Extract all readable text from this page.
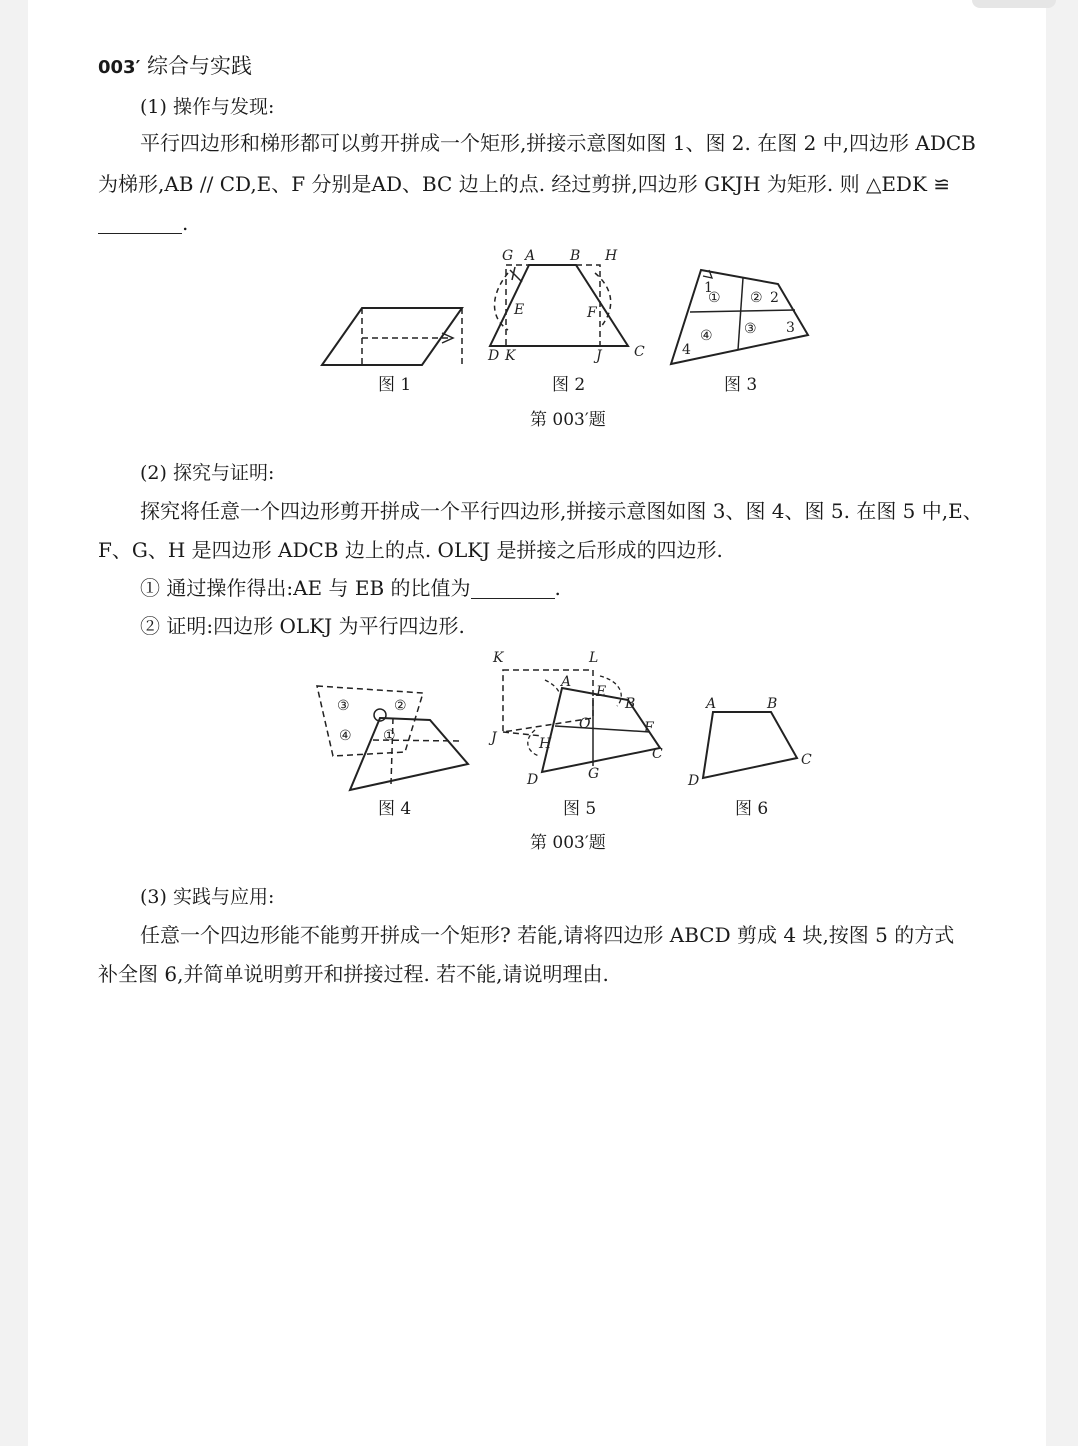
003′ 综合与实践
(1) 操作与发现:
平行四边形和梯形都可以剪开拼成一个矩形,拼接示意图如图 1、图 2. 在图 2 中,四边形 ADCB
为梯形,AB // CD,E、F 分别是AD、BC 边上的点. 经过剪拼,四边形 GKJH 为矩形. 则 △EDK ≌
.
G A B H
E	F
D K	J C
① ②
③
④
1
2
3
4
图 1	图 2	图 3
第 003′题
(2) 探究与证明:
探究将任意一个四边形剪开拼成一个平行四边形,拼接示意图如图 3、图 4、图 5. 在图 5 中,E、
F、G、H 是四边形 ADCB 边上的点. OLKJ 是拼接之后形成的四边形.
① 通过操作得出:AE 与 EB 的比值为	.
② 证明:四边形 OLKJ 为平行四边形.
①
②
③
④
K	L
A
E
B
O	F
J	H
C
D	G
A	B
C
D
图 4	图 5	图 6
第 003′题
(3) 实践与应用:
任意一个四边形能不能剪开拼成一个矩形? 若能,请将四边形 ABCD 剪成 4 块,按图 5 的方式
补全图 6,并简单说明剪开和拼接过程. 若不能,请说明理由.
